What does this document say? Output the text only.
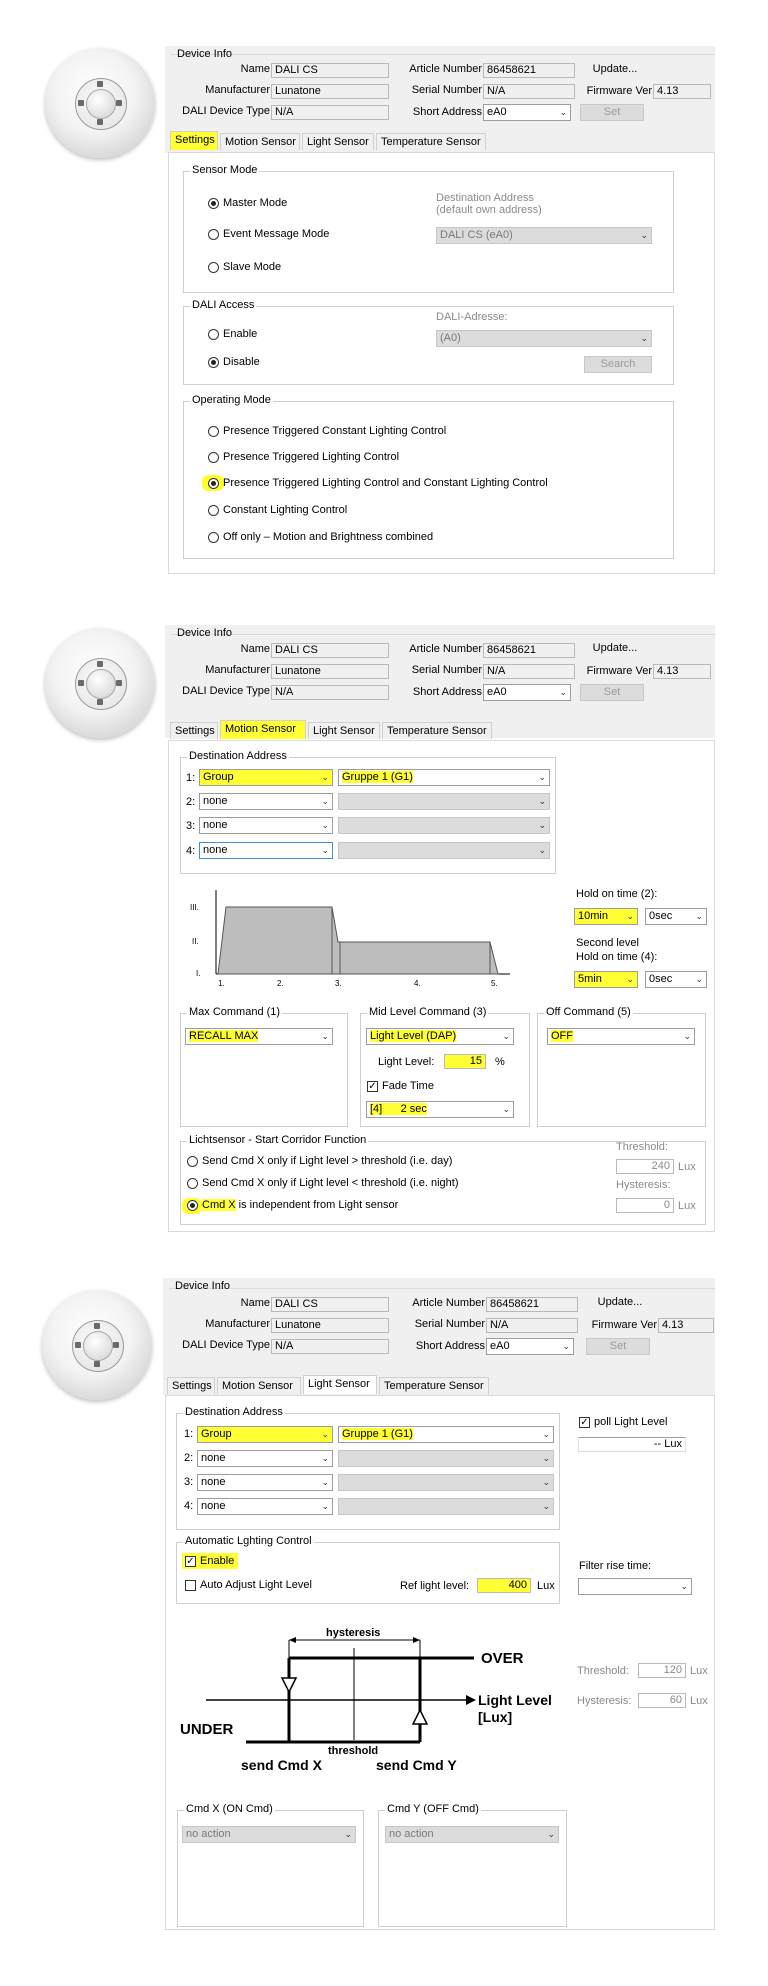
Device Info
Name DALI CS
Manufacturer Lunatone
DALI Device Type N/A
Article Number 86458621
Serial Number N/A
Short Address eA0	⌄
Update...
Firmware Ver 4.13
Set
Settings Motion Sensor	Light Sensor	Temperature Sensor
Sensor Mode
Master Mode
Event Message Mode
Slave Mode
Destination Address
(default own address)
DALI CS (eA0)	⌄
DALI Access
Enable
Disable
DALI-Adresse:
(A0)	⌄
Search
Operating Mode
Presence Triggered Constant Lighting Control
Presence Triggered Lighting Control
Presence Triggered Lighting Control and Constant Lighting Control
Constant Lighting Control
Off only – Motion and Brightness combined
Device Info
Name DALI CS
Manufacturer Lunatone
DALI Device Type N/A
Article Number 86458621
Serial Number N/A
Short Address eA0	⌄
Update...
Firmware Ver 4.13
Set
Settings Motion Sensor	Light Sensor	Temperature Sensor
Destination Address
1: Group	⌄	Gruppe 1 (G1)	⌄
2: none	⌄	⌄
3: none	⌄	⌄
4: none	⌄	⌄
III.
II.
I.
1.	2.	3.	4.	5.
Hold on time (2):
10min ⌄	0sec	⌄
Second level
Hold on time (4):
5min	⌄	0sec	⌄
Max Command (1)
RECALL MAX	⌄
Mid Level Command (3)
Light Level (DAP)	⌄
Light Level:	15	%
✓ Fade Time
[4]      2 sec	⌄
Off Command (5)
OFF	⌄
Lichtsensor - Start Corridor Function
Send Cmd X only if Light level > threshold (i.e. day)
Send Cmd X only if Light level < threshold (i.e. night)
Cmd X is independent from Light sensor
Threshold:
240 Lux
Hysteresis:
0 Lux
Device Info
Name DALI CS
Manufacturer Lunatone
DALI Device Type N/A
Article Number 86458621
Serial Number N/A
Short Address eA0	⌄
Update...
Firmware Ver 4.13
Set
Settings Motion Sensor	Light Sensor	Temperature Sensor
Destination Address
1: Group	⌄	Gruppe 1 (G1)	⌄
2: none	⌄	⌄
3: none	⌄	⌄
4: none	⌄	⌄
✓ poll Light Level
-- Lux
Automatic Lghting Control
✓ Enable
Auto Adjust Light Level	Ref light level:	400 Lux
Filter rise time:
⌄
hysteresis
OVER
Light Level
[Lux]
UNDER
threshold
send Cmd X	send Cmd Y
Threshold:	120 Lux
Hysteresis:	60 Lux
Cmd X (ON Cmd)
no action	⌄
Cmd Y (OFF Cmd)
no action	⌄
